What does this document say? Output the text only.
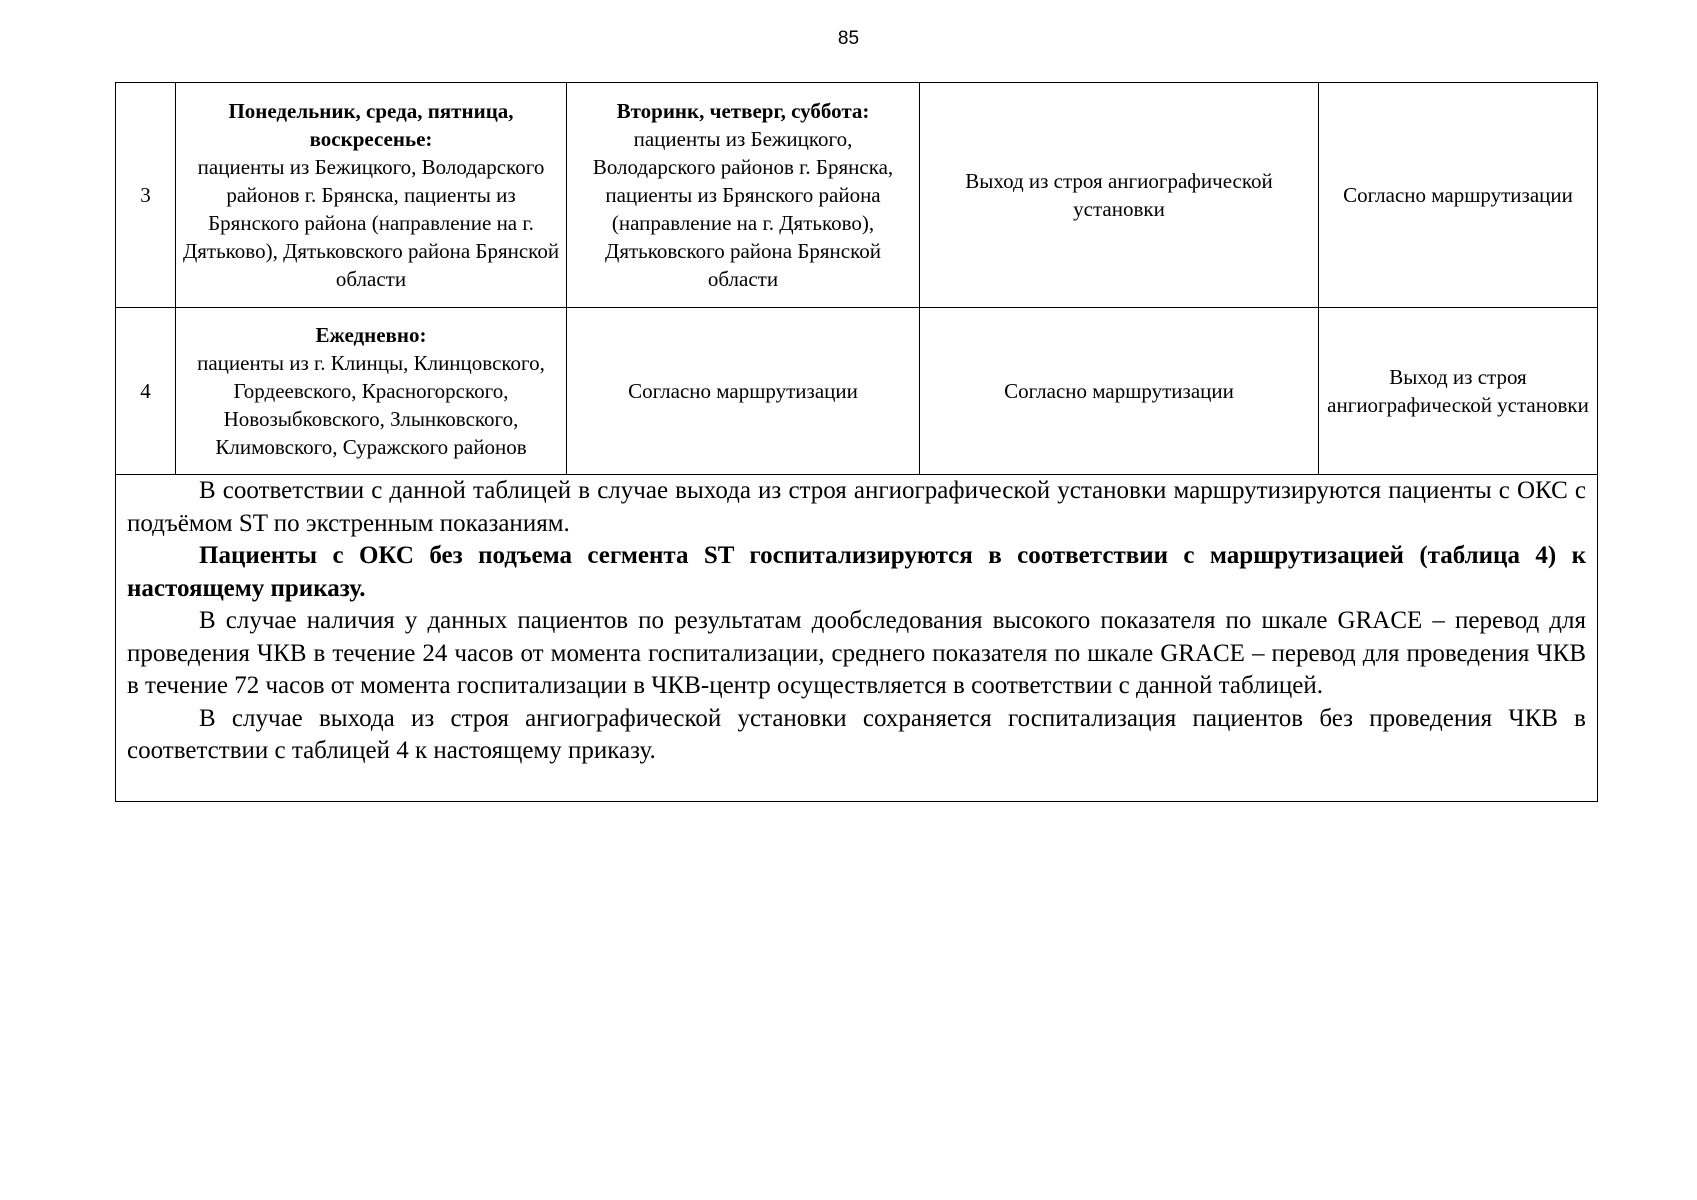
85
3	Понедельник, среда, пятница, воскресенье:
пациенты из Бежицкого, Володарского районов г. Брянска, пациенты из Брянского района (направление на г. Дятьково), Дятьковского района Брянской области	Вторинк, четверг, суббота:
пациенты из Бежицкого, Володарского районов г. Брянска, пациенты из Брянского района (направление на г. Дятьково), Дятьковского района Брянской области	Выход из строя ангиографической установки	Согласно маршрутизации
4	Ежедневно:
пациенты из г. Клинцы, Клинцовского, Гордеевского, Красногорского, Новозыбковского, Злынковского, Климовского, Суражского районов	Согласно маршрутизации	Согласно маршрутизации	Выход из строя ангиографической установки

В соответствии с данной таблицей в случае выхода из строя ангиографической установки маршрутизируются пациенты с ОКС с подъёмом ST по экстренным показаниям.

Пациенты с ОКС без подъема сегмента ST госпитализируются в соответствии с маршрутизацией (таблица 4) к настоящему приказу.

В случае наличия у данных пациентов по результатам дообследования высокого показателя по шкале GRACE – перевод для проведения ЧКВ в течение 24 часов от момента госпитализации, среднего показателя по шкале GRACE – перевод для проведения ЧКВ в течение 72 часов от момента госпитализации в ЧКВ-центр осуществляется в соответствии с данной таблицей.

В случае выхода из строя ангиографической установки сохраняется госпитализация пациентов без проведения ЧКВ в соответствии с таблицей 4 к настоящему приказу.				
